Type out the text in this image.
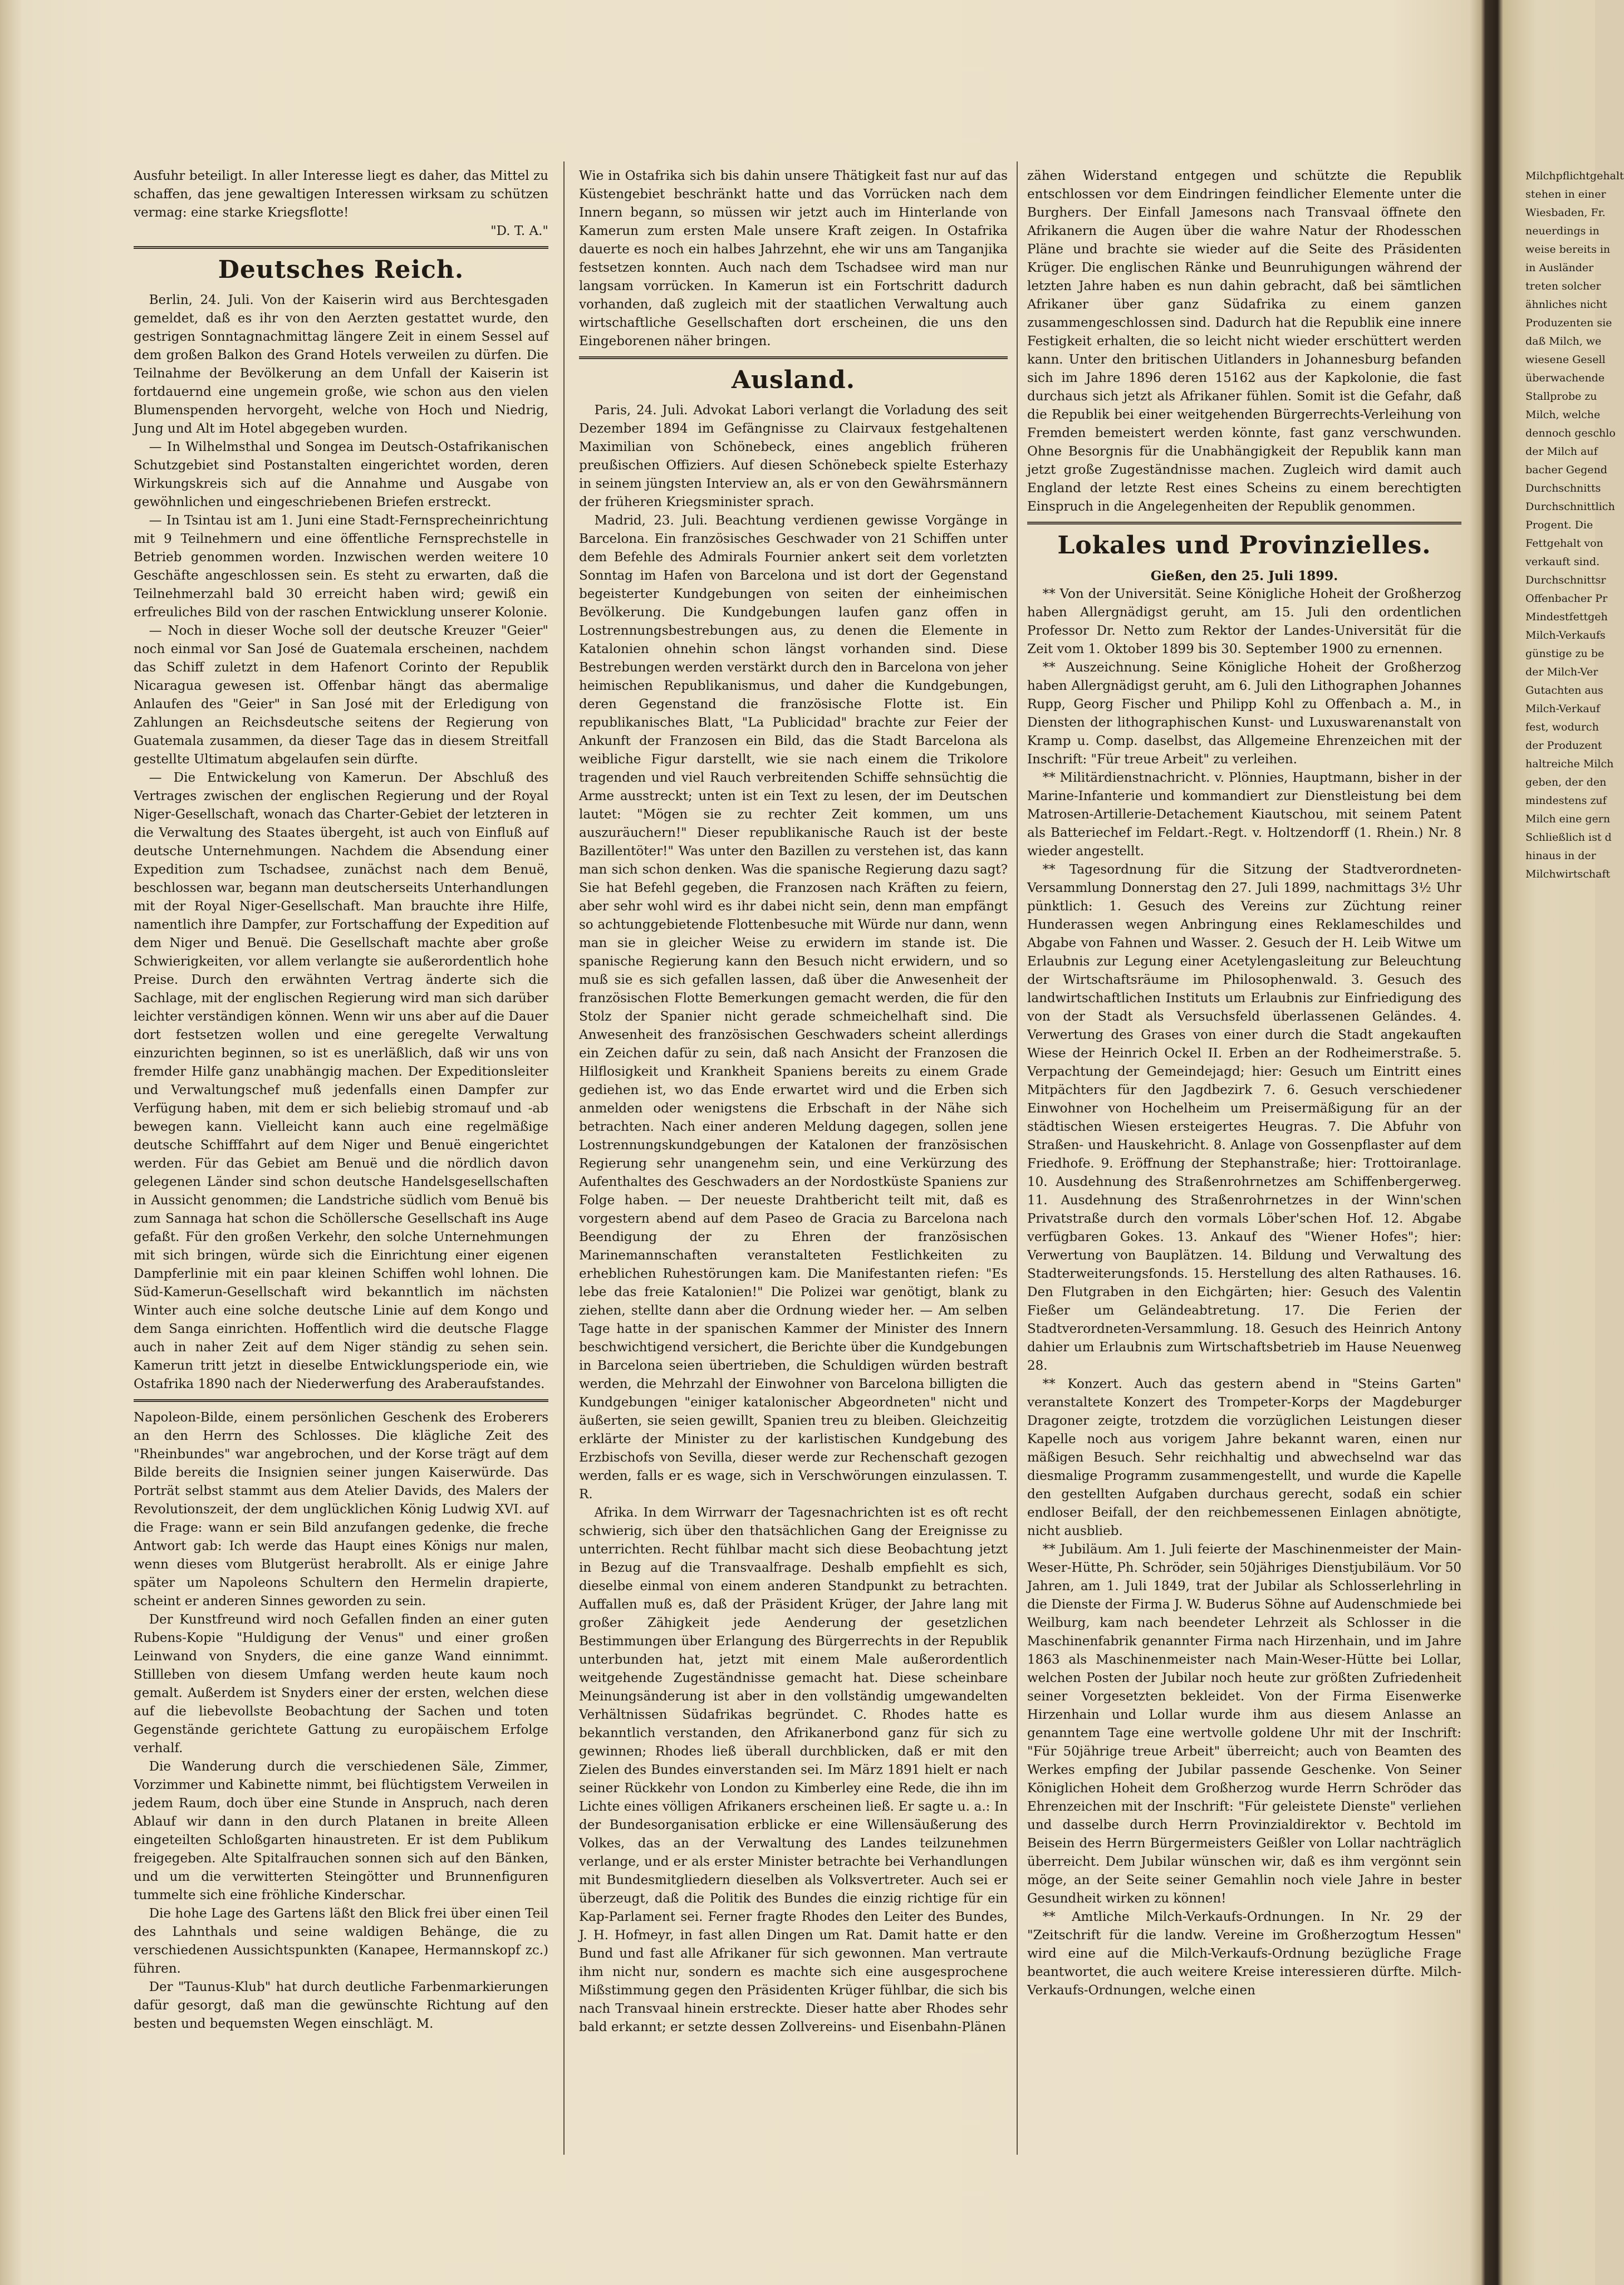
Ausfuhr beteiligt. In aller Interesse liegt es daher, das Mittel zu schaffen, das jene gewaltigen Interessen wirksam zu schützen vermag: eine starke Kriegsflotte!

"D. T. A."

Deutsches Reich.

Berlin, 24. Juli. Von der Kaiserin wird aus Berchtesgaden gemeldet, daß es ihr von den Aerzten gestattet wurde, den gestrigen Sonntagnachmittag längere Zeit in einem Sessel auf dem großen Balkon des Grand Hotels verweilen zu dürfen. Die Teilnahme der Bevölkerung an dem Unfall der Kaiserin ist fortdauernd eine ungemein große, wie schon aus den vielen Blumenspenden hervorgeht, welche von Hoch und Niedrig, Jung und Alt im Hotel abgegeben wurden.

— In Wilhelmsthal und Songea im Deutsch-Ostafrikanischen Schutzgebiet sind Postanstalten eingerichtet worden, deren Wirkungskreis sich auf die Annahme und Ausgabe von gewöhnlichen und eingeschriebenen Briefen erstreckt.

— In Tsintau ist am 1. Juni eine Stadt-Fernsprecheinrichtung mit 9 Teilnehmern und eine öffentliche Fernsprechstelle in Betrieb genommen worden. Inzwischen werden weitere 10 Geschäfte angeschlossen sein. Es steht zu erwarten, daß die Teilnehmerzahl bald 30 erreicht haben wird; gewiß ein erfreuliches Bild von der raschen Entwicklung unserer Kolonie.

— Noch in dieser Woche soll der deutsche Kreuzer "Geier" noch einmal vor San José de Guatemala erscheinen, nachdem das Schiff zuletzt in dem Hafenort Corinto der Republik Nicaragua gewesen ist. Offenbar hängt das abermalige Anlaufen des "Geier" in San José mit der Erledigung von Zahlungen an Reichsdeutsche seitens der Regierung von Guatemala zusammen, da dieser Tage das in diesem Streitfall gestellte Ultimatum abgelaufen sein dürfte.

— Die Entwickelung von Kamerun. Der Abschluß des Vertrages zwischen der englischen Regierung und der Royal Niger-Gesellschaft, wonach das Charter-Gebiet der letzteren in die Verwaltung des Staates übergeht, ist auch von Einfluß auf deutsche Unternehmungen. Nachdem die Absendung einer Expedition zum Tschadsee, zunächst nach dem Benuë, beschlossen war, begann man deutscherseits Unterhandlungen mit der Royal Niger-Gesellschaft. Man brauchte ihre Hilfe, namentlich ihre Dampfer, zur Fortschaffung der Expedition auf dem Niger und Benuë. Die Gesellschaft machte aber große Schwierigkeiten, vor allem verlangte sie außerordentlich hohe Preise. Durch den erwähnten Vertrag änderte sich die Sachlage, mit der englischen Regierung wird man sich darüber leichter verständigen können. Wenn wir uns aber auf die Dauer dort festsetzen wollen und eine geregelte Verwaltung einzurichten beginnen, so ist es unerläßlich, daß wir uns von fremder Hilfe ganz unabhängig machen. Der Expeditionsleiter und Verwaltungschef muß jedenfalls einen Dampfer zur Verfügung haben, mit dem er sich beliebig stromauf und -ab bewegen kann. Vielleicht kann auch eine regelmäßige deutsche Schifffahrt auf dem Niger und Benuë eingerichtet werden. Für das Gebiet am Benuë und die nördlich davon gelegenen Länder sind schon deutsche Handelsgesellschaften in Aussicht genommen; die Landstriche südlich vom Benuë bis zum Sannaga hat schon die Schöllersche Gesellschaft ins Auge gefaßt. Für den großen Verkehr, den solche Unternehmungen mit sich bringen, würde sich die Einrichtung einer eigenen Dampferlinie mit ein paar kleinen Schiffen wohl lohnen. Die Süd-Kamerun-Gesellschaft wird bekanntlich im nächsten Winter auch eine solche deutsche Linie auf dem Kongo und dem Sanga einrichten. Hoffentlich wird die deutsche Flagge auch in naher Zeit auf dem Niger ständig zu sehen sein. Kamerun tritt jetzt in dieselbe Entwicklungsperiode ein, wie Ostafrika 1890 nach der Niederwerfung des Araberaufstandes.

Napoleon-Bilde, einem persönlichen Geschenk des Eroberers an den Herrn des Schlosses. Die klägliche Zeit des "Rheinbundes" war angebrochen, und der Korse trägt auf dem Bilde bereits die Insignien seiner jungen Kaiserwürde. Das Porträt selbst stammt aus dem Atelier Davids, des Malers der Revolutionszeit, der dem unglücklichen König Ludwig XVI. auf die Frage: wann er sein Bild anzufangen gedenke, die freche Antwort gab: Ich werde das Haupt eines Königs nur malen, wenn dieses vom Blutgerüst herabrollt. Als er einige Jahre später um Napoleons Schultern den Hermelin drapierte, scheint er anderen Sinnes geworden zu sein.

Der Kunstfreund wird noch Gefallen finden an einer guten Rubens-Kopie "Huldigung der Venus" und einer großen Leinwand von Snyders, die eine ganze Wand einnimmt. Stillleben von diesem Umfang werden heute kaum noch gemalt. Außerdem ist Snyders einer der ersten, welchen diese auf die liebevollste Beobachtung der Sachen und toten Gegenstände gerichtete Gattung zu europäischem Erfolge verhalf.

Die Wanderung durch die verschiedenen Säle, Zimmer, Vorzimmer und Kabinette nimmt, bei flüchtigstem Verweilen in jedem Raum, doch über eine Stunde in Anspruch, nach deren Ablauf wir dann in den durch Platanen in breite Alleen eingeteilten Schloßgarten hinaustreten. Er ist dem Publikum freigegeben. Alte Spitalfrauchen sonnen sich auf den Bänken, und um die verwitterten Steingötter und Brunnenfiguren tummelte sich eine fröhliche Kinderschar.

Die hohe Lage des Gartens läßt den Blick frei über einen Teil des Lahnthals und seine waldigen Behänge, die zu verschiedenen Aussichtspunkten (Kanapee, Hermannskopf zc.) führen.

Der "Taunus-Klub" hat durch deutliche Farbenmarkierungen dafür gesorgt, daß man die gewünschte Richtung auf den besten und bequemsten Wegen einschlägt. M.

Wie in Ostafrika sich bis dahin unsere Thätigkeit fast nur auf das Küstengebiet beschränkt hatte und das Vorrücken nach dem Innern begann, so müssen wir jetzt auch im Hinterlande von Kamerun zum ersten Male unsere Kraft zeigen. In Ostafrika dauerte es noch ein halbes Jahrzehnt, ehe wir uns am Tanganjika festsetzen konnten. Auch nach dem Tschadsee wird man nur langsam vorrücken. In Kamerun ist ein Fortschritt dadurch vorhanden, daß zugleich mit der staatlichen Verwaltung auch wirtschaftliche Gesellschaften dort erscheinen, die uns den Eingeborenen näher bringen.

Ausland.

Paris, 24. Juli. Advokat Labori verlangt die Vorladung des seit Dezember 1894 im Gefängnisse zu Clairvaux festgehaltenen Maximilian von Schönebeck, eines angeblich früheren preußischen Offiziers. Auf diesen Schönebeck spielte Esterhazy in seinem jüngsten Interview an, als er von den Gewährsmännern der früheren Kriegsminister sprach.

Madrid, 23. Juli. Beachtung verdienen gewisse Vorgänge in Barcelona. Ein französisches Geschwader von 21 Schiffen unter dem Befehle des Admirals Fournier ankert seit dem vorletzten Sonntag im Hafen von Barcelona und ist dort der Gegenstand begeisterter Kundgebungen von seiten der einheimischen Bevölkerung. Die Kundgebungen laufen ganz offen in Lostrennungsbestrebungen aus, zu denen die Elemente in Katalonien ohnehin schon längst vorhanden sind. Diese Bestrebungen werden verstärkt durch den in Barcelona von jeher heimischen Republikanismus, und daher die Kundgebungen, deren Gegenstand die französische Flotte ist. Ein republikanisches Blatt, "La Publicidad" brachte zur Feier der Ankunft der Franzosen ein Bild, das die Stadt Barcelona als weibliche Figur darstellt, wie sie nach einem die Trikolore tragenden und viel Rauch verbreitenden Schiffe sehnsüchtig die Arme ausstreckt; unten ist ein Text zu lesen, der im Deutschen lautet: "Mögen sie zu rechter Zeit kommen, um uns auszuräuchern!" Dieser republikanische Rauch ist der beste Bazillentöter!" Was unter den Bazillen zu verstehen ist, das kann man sich schon denken. Was die spanische Regierung dazu sagt? Sie hat Befehl gegeben, die Franzosen nach Kräften zu feiern, aber sehr wohl wird es ihr dabei nicht sein, denn man empfängt so achtunggebietende Flottenbesuche mit Würde nur dann, wenn man sie in gleicher Weise zu erwidern im stande ist. Die spanische Regierung kann den Besuch nicht erwidern, und so muß sie es sich gefallen lassen, daß über die Anwesenheit der französischen Flotte Bemerkungen gemacht werden, die für den Stolz der Spanier nicht gerade schmeichelhaft sind. Die Anwesenheit des französischen Geschwaders scheint allerdings ein Zeichen dafür zu sein, daß nach Ansicht der Franzosen die Hilflosigkeit und Krankheit Spaniens bereits zu einem Grade gediehen ist, wo das Ende erwartet wird und die Erben sich anmelden oder wenigstens die Erbschaft in der Nähe sich betrachten. Nach einer anderen Meldung dagegen, sollen jene Lostrennungskundgebungen der Katalonen der französischen Regierung sehr unangenehm sein, und eine Verkürzung des Aufenthaltes des Geschwaders an der Nordostküste Spaniens zur Folge haben. — Der neueste Drahtbericht teilt mit, daß es vorgestern abend auf dem Paseo de Gracia zu Barcelona nach Beendigung der zu Ehren der französischen Marinemannschaften veranstalteten Festlichkeiten zu erheblichen Ruhestörungen kam. Die Manifestanten riefen: "Es lebe das freie Katalonien!" Die Polizei war genötigt, blank zu ziehen, stellte dann aber die Ordnung wieder her. — Am selben Tage hatte in der spanischen Kammer der Minister des Innern beschwichtigend versichert, die Berichte über die Kundgebungen in Barcelona seien übertrieben, die Schuldigen würden bestraft werden, die Mehrzahl der Einwohner von Barcelona billigten die Kundgebungen "einiger katalonischer Abgeordneten" nicht und äußerten, sie seien gewillt, Spanien treu zu bleiben. Gleichzeitig erklärte der Minister zu der karlistischen Kundgebung des Erzbischofs von Sevilla, dieser werde zur Rechenschaft gezogen werden, falls er es wage, sich in Verschwörungen einzulassen. T. R.

Afrika. In dem Wirrwarr der Tagesnachrichten ist es oft recht schwierig, sich über den thatsächlichen Gang der Ereignisse zu unterrichten. Recht fühlbar macht sich diese Beobachtung jetzt in Bezug auf die Transvaalfrage. Deshalb empfiehlt es sich, dieselbe einmal von einem anderen Standpunkt zu betrachten. Auffallen muß es, daß der Präsident Krüger, der Jahre lang mit großer Zähigkeit jede Aenderung der gesetzlichen Bestimmungen über Erlangung des Bürgerrechts in der Republik unterbunden hat, jetzt mit einem Male außerordentlich weitgehende Zugeständnisse gemacht hat. Diese scheinbare Meinungsänderung ist aber in den vollständig umgewandelten Verhältnissen Südafrikas begründet. C. Rhodes hatte es bekanntlich verstanden, den Afrikanerbond ganz für sich zu gewinnen; Rhodes ließ überall durchblicken, daß er mit den Zielen des Bundes einverstanden sei. Im März 1891 hielt er nach seiner Rückkehr von London zu Kimberley eine Rede, die ihn im Lichte eines völligen Afrikaners erscheinen ließ. Er sagte u. a.: In der Bundesorganisation erblicke er eine Willensäußerung des Volkes, das an der Verwaltung des Landes teilzunehmen verlange, und er als erster Minister betrachte bei Verhandlungen mit Bundesmitgliedern dieselben als Volksvertreter. Auch sei er überzeugt, daß die Politik des Bundes die einzig richtige für ein Kap-Parlament sei. Ferner fragte Rhodes den Leiter des Bundes, J. H. Hofmeyr, in fast allen Dingen um Rat. Damit hatte er den Bund und fast alle Afrikaner für sich gewonnen. Man vertraute ihm nicht nur, sondern es machte sich eine ausgesprochene Mißstimmung gegen den Präsidenten Krüger fühlbar, die sich bis nach Transvaal hinein erstreckte. Dieser hatte aber Rhodes sehr bald erkannt; er setzte dessen Zollvereins- und Eisenbahn-Plänen

zähen Widerstand entgegen und schützte die Republik entschlossen vor dem Eindringen feindlicher Elemente unter die Burghers. Der Einfall Jamesons nach Transvaal öffnete den Afrikanern die Augen über die wahre Natur der Rhodesschen Pläne und brachte sie wieder auf die Seite des Präsidenten Krüger. Die englischen Ränke und Beunruhigungen während der letzten Jahre haben es nun dahin gebracht, daß bei sämtlichen Afrikaner über ganz Südafrika zu einem ganzen zusammengeschlossen sind. Dadurch hat die Republik eine innere Festigkeit erhalten, die so leicht nicht wieder erschüttert werden kann. Unter den britischen Uitlanders in Johannesburg befanden sich im Jahre 1896 deren 15162 aus der Kapkolonie, die fast durchaus sich jetzt als Afrikaner fühlen. Somit ist die Gefahr, daß die Republik bei einer weitgehenden Bürgerrechts-Verleihung von Fremden bemeistert werden könnte, fast ganz verschwunden. Ohne Besorgnis für die Unabhängigkeit der Republik kann man jetzt große Zugeständnisse machen. Zugleich wird damit auch England der letzte Rest eines Scheins zu einem berechtigten Einspruch in die Angelegenheiten der Republik genommen.

Lokales und Provinzielles.

Gießen, den 25. Juli 1899.

** Von der Universität. Seine Königliche Hoheit der Großherzog haben Allergnädigst geruht, am 15. Juli den ordentlichen Professor Dr. Netto zum Rektor der Landes-Universität für die Zeit vom 1. Oktober 1899 bis 30. September 1900 zu ernennen.

** Auszeichnung. Seine Königliche Hoheit der Großherzog haben Allergnädigst geruht, am 6. Juli den Lithographen Johannes Rupp, Georg Fischer und Philipp Kohl zu Offenbach a. M., in Diensten der lithographischen Kunst- und Luxuswarenanstalt von Kramp u. Comp. daselbst, das Allgemeine Ehrenzeichen mit der Inschrift: "Für treue Arbeit" zu verleihen.

** Militärdienstnachricht. v. Plönnies, Hauptmann, bisher in der Marine-Infanterie und kommandiert zur Dienstleistung bei dem Matrosen-Artillerie-Detachement Kiautschou, mit seinem Patent als Batteriechef im Feldart.-Regt. v. Holtzendorff (1. Rhein.) Nr. 8 wieder angestellt.

** Tagesordnung für die Sitzung der Stadtverordneten-Versammlung Donnerstag den 27. Juli 1899, nachmittags 3½ Uhr pünktlich: 1. Gesuch des Vereins zur Züchtung reiner Hunderassen wegen Anbringung eines Reklameschildes und Abgabe von Fahnen und Wasser. 2. Gesuch der H. Leib Witwe um Erlaubnis zur Legung einer Acetylengasleitung zur Beleuchtung der Wirtschaftsräume im Philosophenwald. 3. Gesuch des landwirtschaftlichen Instituts um Erlaubnis zur Einfriedigung des von der Stadt als Versuchsfeld überlassenen Geländes. 4. Verwertung des Grases von einer durch die Stadt angekauften Wiese der Heinrich Ockel II. Erben an der Rodheimerstraße. 5. Verpachtung der Gemeindejagd; hier: Gesuch um Eintritt eines Mitpächters für den Jagdbezirk 7. 6. Gesuch verschiedener Einwohner von Hochelheim um Preisermäßigung für an der städtischen Wiesen ersteigertes Heugras. 7. Die Abfuhr von Straßen- und Hauskehricht. 8. Anlage von Gossenpflaster auf dem Friedhofe. 9. Eröffnung der Stephanstraße; hier: Trottoiranlage. 10. Ausdehnung des Straßenrohrnetzes am Schiffenbergerweg. 11. Ausdehnung des Straßenrohrnetzes in der Winn'schen Privatstraße durch den vormals Löber'schen Hof. 12. Abgabe verfügbaren Gokes. 13. Ankauf des "Wiener Hofes"; hier: Verwertung von Bauplätzen. 14. Bildung und Verwaltung des Stadterweiterungsfonds. 15. Herstellung des alten Rathauses. 16. Den Flutgraben in den Eichgärten; hier: Gesuch des Valentin Fießer um Geländeabtretung. 17. Die Ferien der Stadtverordneten-Versammlung. 18. Gesuch des Heinrich Antony dahier um Erlaubnis zum Wirtschaftsbetrieb im Hause Neuenweg 28.

** Konzert. Auch das gestern abend in "Steins Garten" veranstaltete Konzert des Trompeter-Korps der Magdeburger Dragoner zeigte, trotzdem die vorzüglichen Leistungen dieser Kapelle noch aus vorigem Jahre bekannt waren, einen nur mäßigen Besuch. Sehr reichhaltig und abwechselnd war das diesmalige Programm zusammengestellt, und wurde die Kapelle den gestellten Aufgaben durchaus gerecht, sodaß ein schier endloser Beifall, der den reichbemessenen Einlagen abnötigte, nicht ausblieb.

** Jubiläum. Am 1. Juli feierte der Maschinenmeister der Main-Weser-Hütte, Ph. Schröder, sein 50jähriges Dienstjubiläum. Vor 50 Jahren, am 1. Juli 1849, trat der Jubilar als Schlosserlehrling in die Dienste der Firma J. W. Buderus Söhne auf Audenschmiede bei Weilburg, kam nach beendeter Lehrzeit als Schlosser in die Maschinenfabrik genannter Firma nach Hirzenhain, und im Jahre 1863 als Maschinenmeister nach Main-Weser-Hütte bei Lollar, welchen Posten der Jubilar noch heute zur größten Zufriedenheit seiner Vorgesetzten bekleidet. Von der Firma Eisenwerke Hirzenhain und Lollar wurde ihm aus diesem Anlasse an genanntem Tage eine wertvolle goldene Uhr mit der Inschrift: "Für 50jährige treue Arbeit" überreicht; auch von Beamten des Werkes empfing der Jubilar passende Geschenke. Von Seiner Königlichen Hoheit dem Großherzog wurde Herrn Schröder das Ehrenzeichen mit der Inschrift: "Für geleistete Dienste" verliehen und dasselbe durch Herrn Provinzialdirektor v. Bechtold im Beisein des Herrn Bürgermeisters Geißler von Lollar nachträglich überreicht. Dem Jubilar wünschen wir, daß es ihm vergönnt sein möge, an der Seite seiner Gemahlin noch viele Jahre in bester Gesundheit wirken zu können!

** Amtliche Milch-Verkaufs-Ordnungen. In Nr. 29 der "Zeitschrift für die landw. Vereine im Großherzogtum Hessen" wird eine auf die Milch-Verkaufs-Ordnung bezügliche Frage beantwortet, die auch weitere Kreise interessieren dürfte. Milch-Verkaufs-Ordnungen, welche einen

Milchpflichtgehalt

stehen in einer

Wiesbaden, Fr.

neuerdings in

weise bereits in

in Ausländer

treten solcher

ähnliches nicht

Produzenten sie

daß Milch, we

wiesene Gesell

überwachende

Stallprobe zu

Milch, welche

dennoch geschlo

der Milch auf

bacher Gegend

Durchschnitts

Durchschnittlich

Progent. Die

Fettgehalt von

verkauft sind.

Durchschnittsr

Offenbacher Pr

Mindestfettgeh

Milch-Verkaufs

günstige zu be

der Milch-Ver

Gutachten aus

Milch-Verkauf

fest, wodurch

der Produzent

haltreiche Milch

geben, der den

mindestens zuf

Milch eine gern

Schließlich ist d

hinaus in der

Milchwirtschaft
